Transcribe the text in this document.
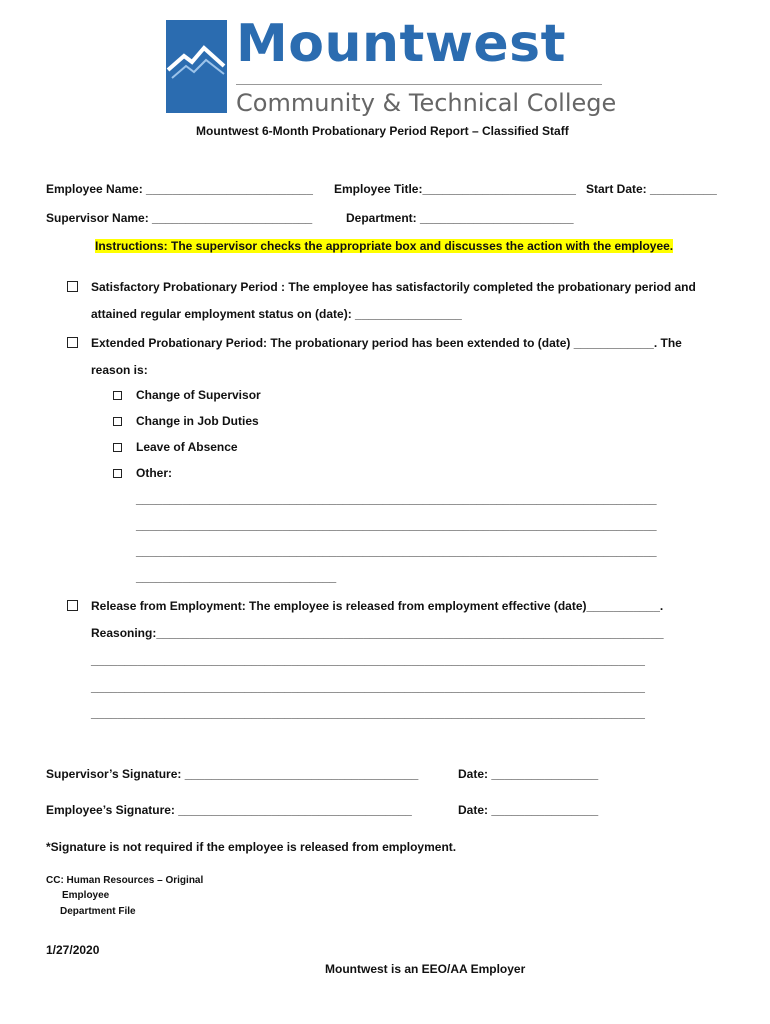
Mountwest
Community & Technical College
Mountwest 6-Month Probationary Period Report – Classified Staff
Employee Name: _________________________ Employee Title:_______________________ Start Date: __________
Supervisor Name: ________________________	Department: _______________________
Instructions: The supervisor checks the appropriate box and discusses the action with the employee.
Satisfactory Probationary Period : The employee has satisfactorily completed the probationary period and
attained regular employment status on (date): ________________
Extended Probationary Period: The probationary period has been extended to (date) ____________. The
reason is:
Change of Supervisor
Change in Job Duties
Leave of Absence
Other:
______________________________________________________________________________
______________________________________________________________________________
______________________________________________________________________________
______________________________
Release from Employment: The employee is released from employment effective (date)___________.
Reasoning:____________________________________________________________________________
___________________________________________________________________________________
___________________________________________________________________________________
___________________________________________________________________________________
Supervisor’s Signature: ___________________________________	Date: ________________
Employee’s Signature: ___________________________________	Date: ________________
*Signature is not required if the employee is released from employment.
CC: Human Resources – Original
Employee
Department File
1/27/2020
Mountwest is an EEO/AA Employer
